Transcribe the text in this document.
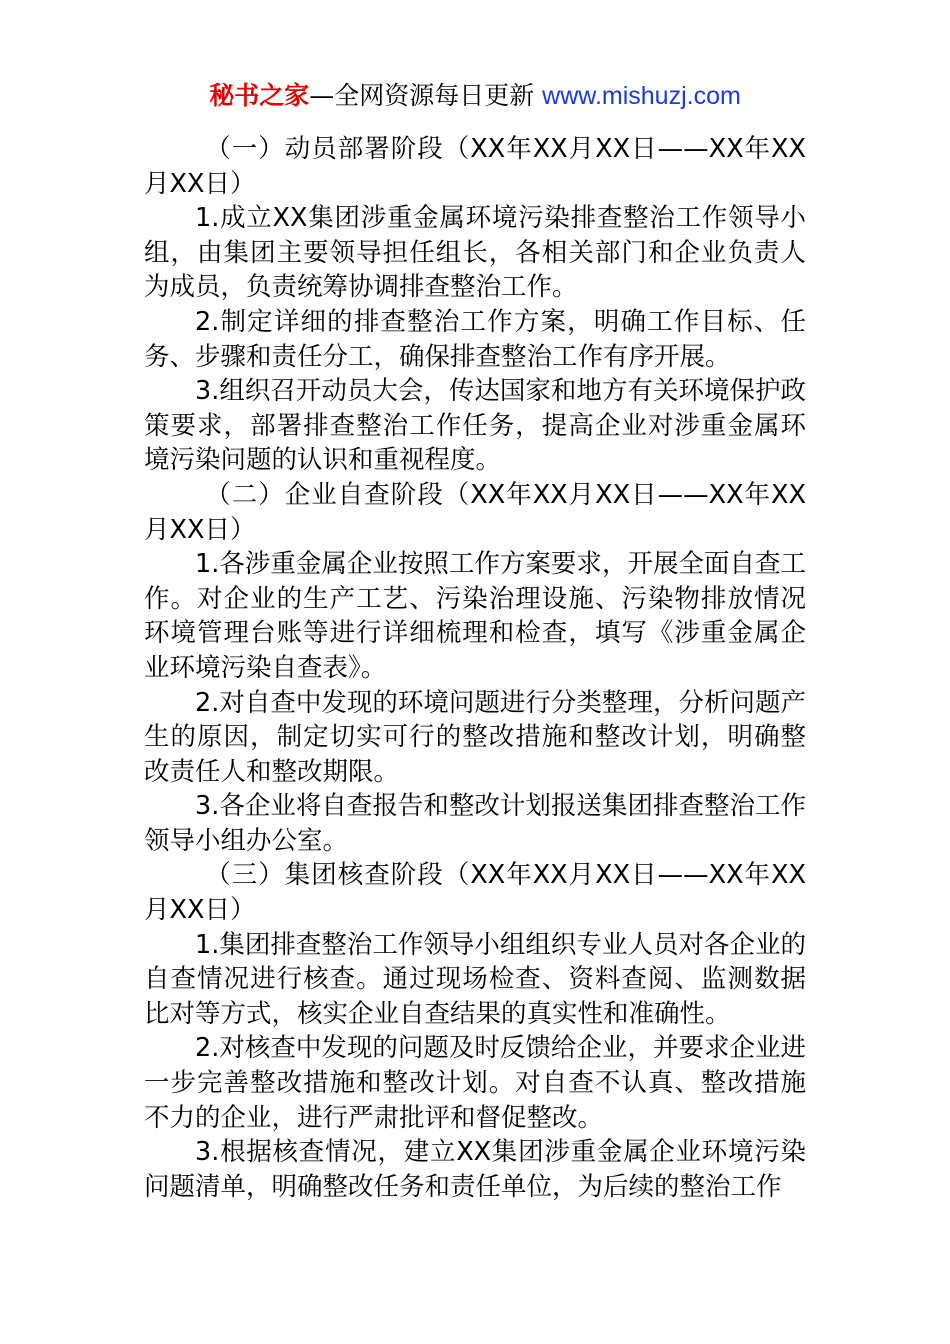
秘书之家—全网资源每日更新 www.mishuzj.com

（一）动员部署阶段（XX年XX月XX日——XX年XX月XX日）

1.成立XX集团涉重金属环境污染排查整治工作领导小组，由集团主要领导担任组长，各相关部门和企业负责人为成员，负责统筹协调排查整治工作。

2.制定详细的排查整治工作方案，明确工作目标、任务、步骤和责任分工，确保排查整治工作有序开展。

3.组织召开动员大会，传达国家和地方有关环境保护政策要求，部署排查整治工作任务，提高企业对涉重金属环境污染问题的认识和重视程度。

（二）企业自查阶段（XX年XX月XX日——XX年XX月XX日）

1.各涉重金属企业按照工作方案要求，开展全面自查工作。对企业的生产工艺、污染治理设施、污染物排放情况环境管理台账等进行详细梳理和检查，填写《涉重金属企业环境污染自查表》。

2.对自查中发现的环境问题进行分类整理，分析问题产生的原因，制定切实可行的整改措施和整改计划，明确整改责任人和整改期限。

3.各企业将自查报告和整改计划报送集团排查整治工作领导小组办公室。

（三）集团核查阶段（XX年XX月XX日——XX年XX月XX日）

1.集团排查整治工作领导小组组织专业人员对各企业的自查情况进行核查。通过现场检查、资料查阅、监测数据比对等方式，核实企业自查结果的真实性和准确性。

2.对核查中发现的问题及时反馈给企业，并要求企业进一步完善整改措施和整改计划。对自查不认真、整改措施不力的企业，进行严肃批评和督促整改。

3.根据核查情况，建立XX集团涉重金属企业环境污染问题清单，明确整改任务和责任单位，为后续的整治工作
